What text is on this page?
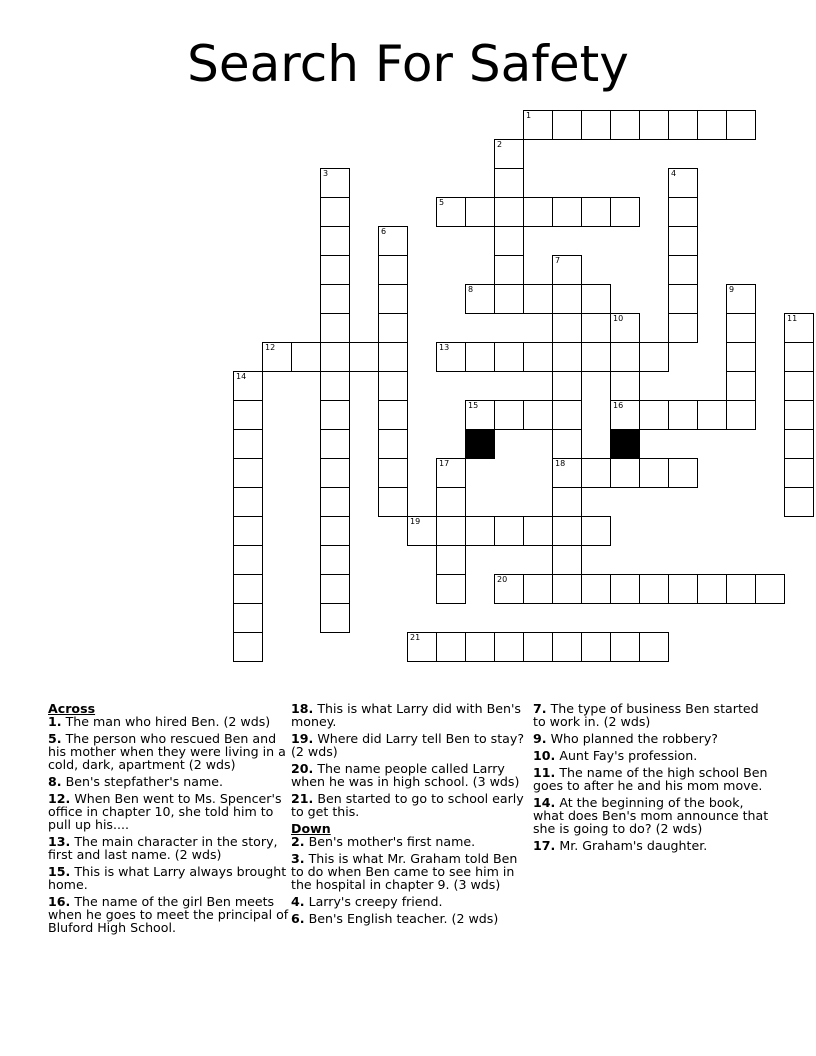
Search For Safety
1
2
3	4
5
6
7
18
8	9
10
16
11
12	13
14
15
17
19
20
21
Across
1. The man who hired Ben. (2 wds)
5. The person who rescued Ben and his mother when they were living in a cold, dark, apartment (2 wds)
8. Ben's stepfather's name.
12. When Ben went to Ms. Spencer's office in chapter 10, she told him to pull up his....
13. The main character in the story, first and last name. (2 wds)
15. This is what Larry always brought home.
16. The name of the girl Ben meets when he goes to meet the principal of Bluford High School.
18. This is what Larry did with Ben's money.
19. Where did Larry tell Ben to stay? (2 wds)
20. The name people called Larry when he was in high school. (3 wds)
21. Ben started to go to school early to get this.
Down
2. Ben's mother's first name.
3. This is what Mr. Graham told Ben to do when Ben came to see him in the hospital in chapter 9. (3 wds)
4. Larry's creepy friend.
6. Ben's English teacher. (2 wds)
7. The type of business Ben started to work in. (2 wds)
9. Who planned the robbery?
10. Aunt Fay's profession.
11. The name of the high school Ben goes to after he and his mom move.
14. At the beginning of the book, what does Ben's mom announce that she is going to do? (2 wds)
17. Mr. Graham's daughter.
